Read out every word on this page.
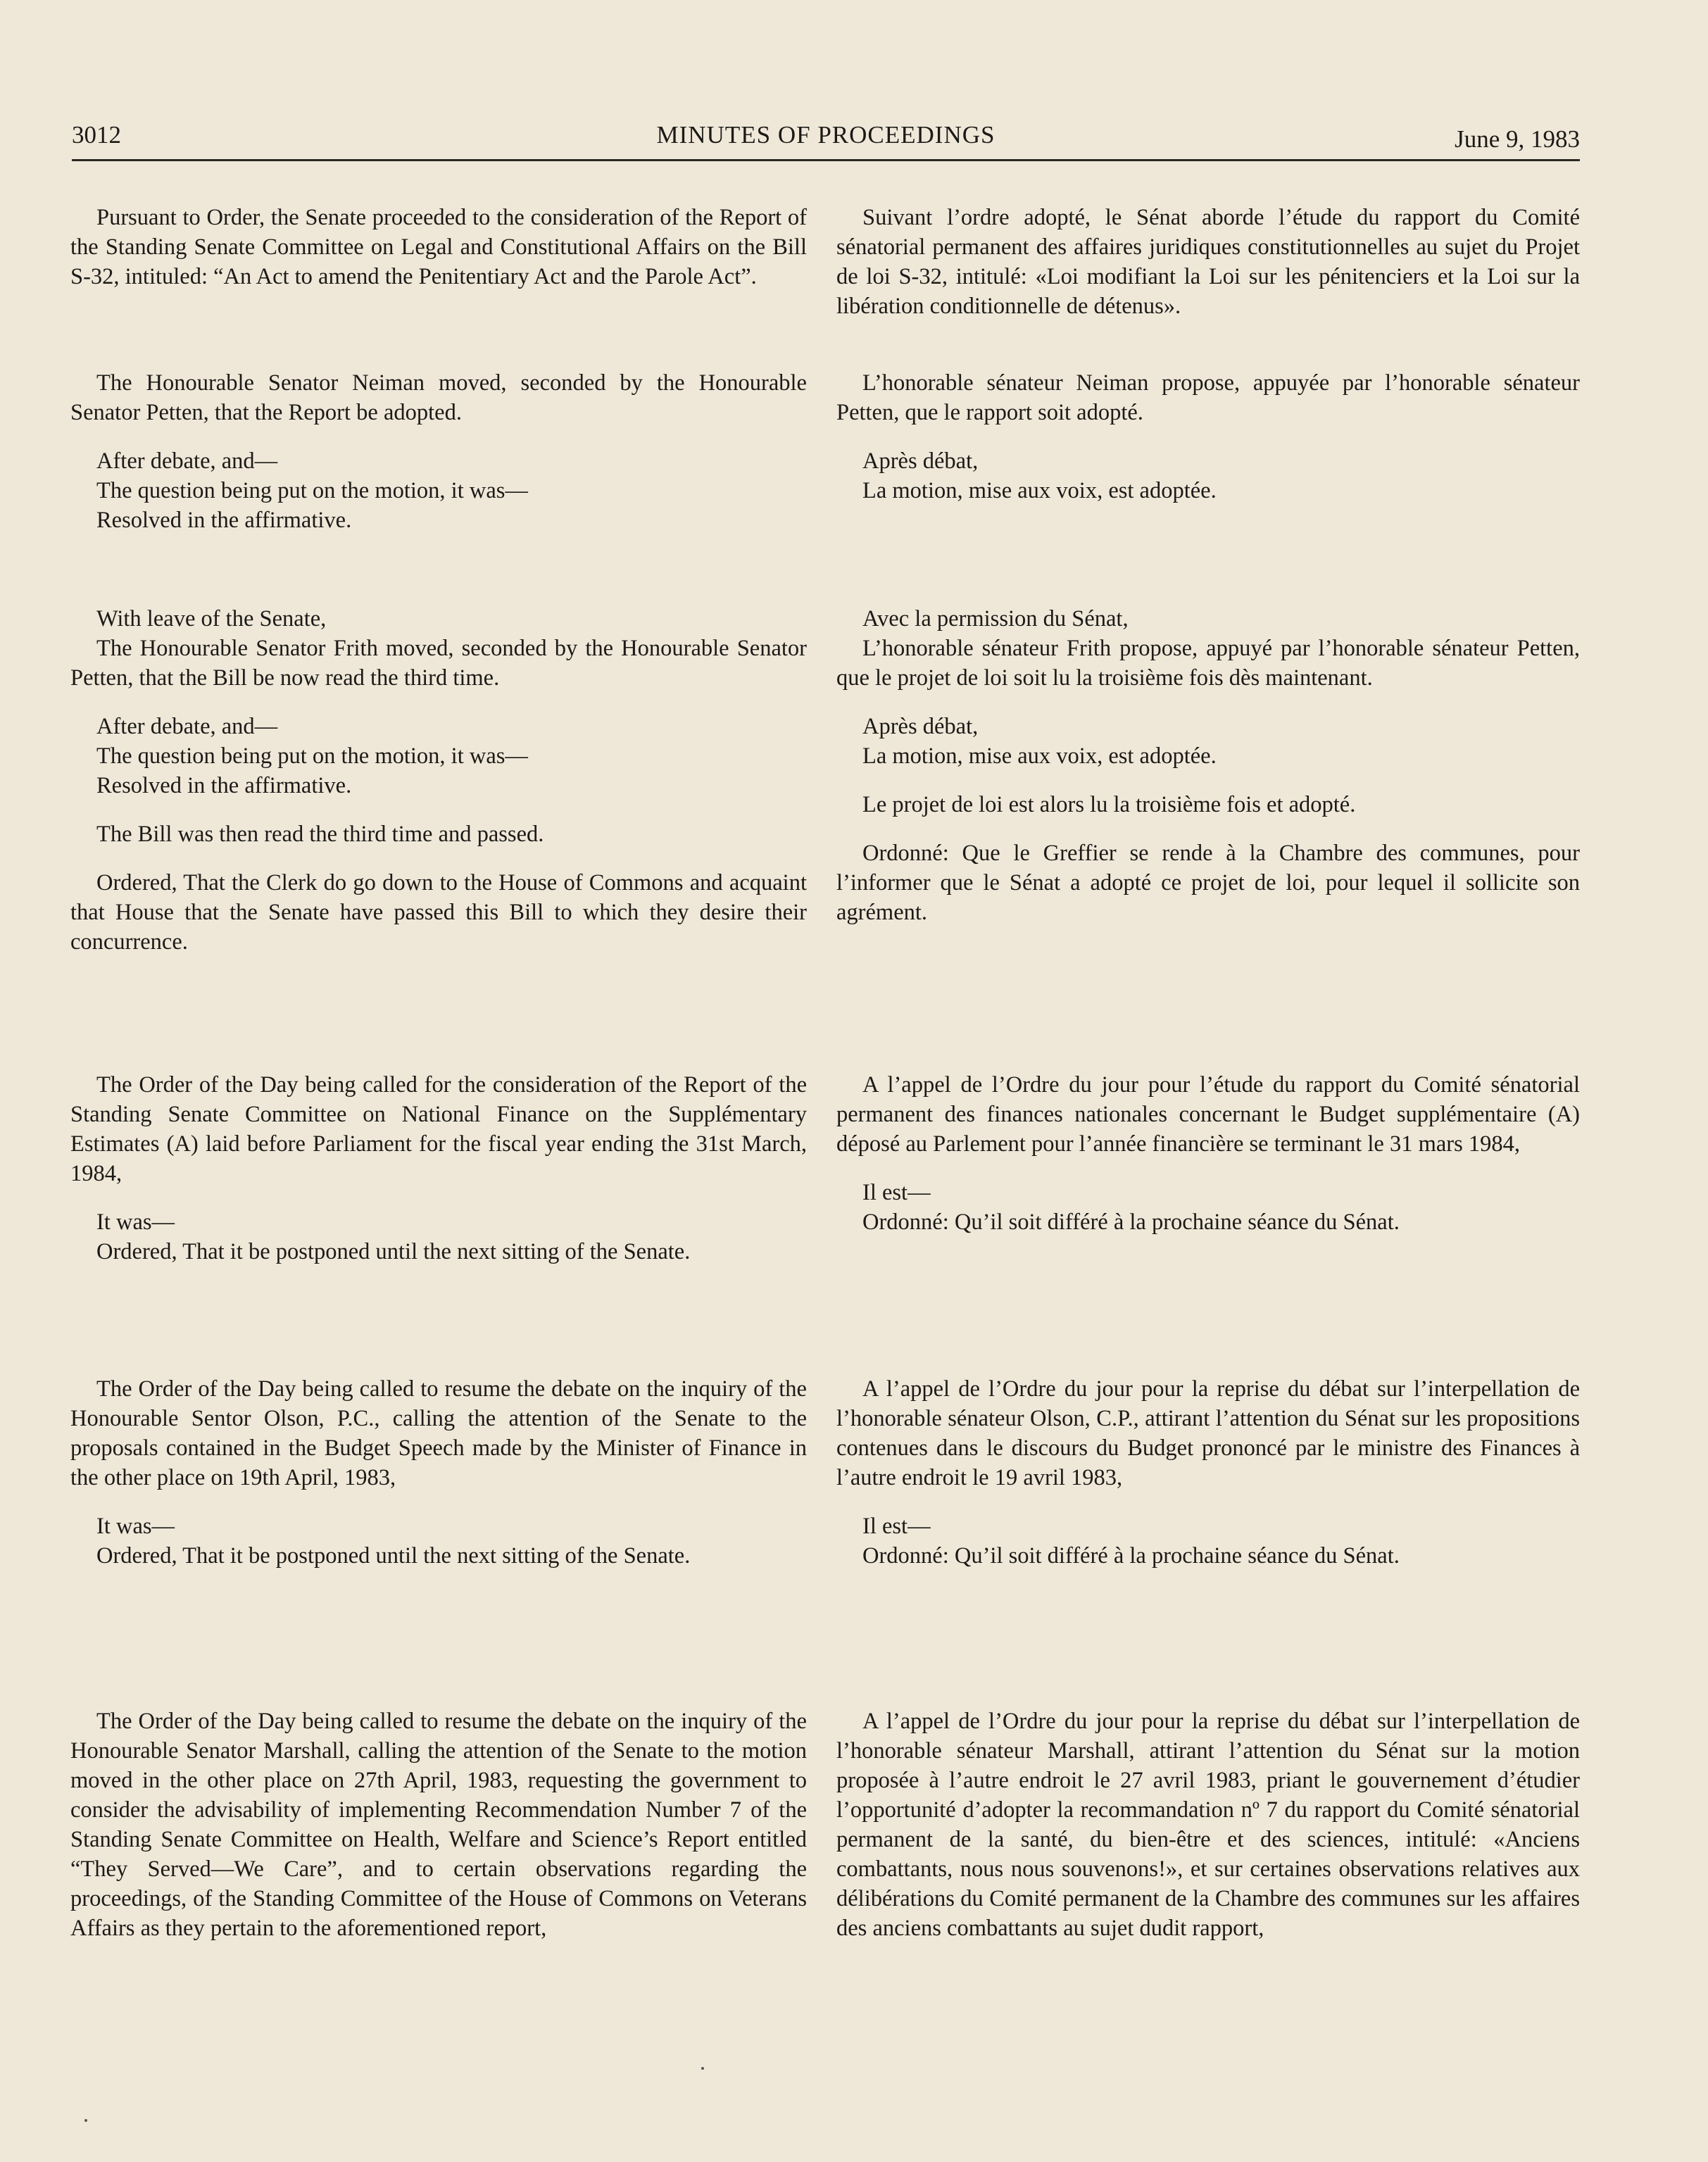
3012	MINUTES OF PROCEEDINGS	June 9, 1983

Pursuant to Order, the Senate proceeded to the consideration of the Report of the Standing Senate Committee on Legal and Constitutional Affairs on the Bill S-32, intituled: “An Act to amend the Penitentiary Act and the Parole Act”.

The Honourable Senator Neiman moved, seconded by the Honourable Senator Petten, that the Report be adopted.

After debate, and—

The question being put on the motion, it was—

Resolved in the affirmative.

With leave of the Senate,

The Honourable Senator Frith moved, seconded by the Honourable Senator Petten, that the Bill be now read the third time.

After debate, and—

The question being put on the motion, it was—

Resolved in the affirmative.

The Bill was then read the third time and passed.

Ordered, That the Clerk do go down to the House of Commons and acquaint that House that the Senate have passed this Bill to which they desire their concurrence.

The Order of the Day being called for the consideration of the Report of the Standing Senate Committee on National Finance on the Supplémentary Estimates (A) laid before Parliament for the fiscal year ending the 31st March, 1984,

It was—

Ordered, That it be postponed until the next sitting of the Senate.

The Order of the Day being called to resume the debate on the inquiry of the Honourable Sentor Olson, P.C., calling the attention of the Senate to the proposals contained in the Budget Speech made by the Minister of Finance in the other place on 19th April, 1983,

It was—

Ordered, That it be postponed until the next sitting of the Senate.

The Order of the Day being called to resume the debate on the inquiry of the Honourable Senator Marshall, calling the attention of the Senate to the motion moved in the other place on 27th April, 1983, requesting the government to consider the advisability of implementing Recommendation Number 7 of the Standing Senate Committee on Health, Welfare and Science’s Report entitled “They Served—We Care”, and to certain observations regarding the proceedings, of the Standing Committee of the House of Commons on Veterans Affairs as they pertain to the aforementioned report,

Suivant l’ordre adopté, le Sénat aborde l’étude du rapport du Comité sénatorial permanent des affaires juridiques constitutionnelles au sujet du Projet de loi S-32, intitulé: «Loi modifiant la Loi sur les pénitenciers et la Loi sur la libération conditionnelle de détenus».

L’honorable sénateur Neiman propose, appuyée par l’honorable sénateur Petten, que le rapport soit adopté.

Après débat,

La motion, mise aux voix, est adoptée.

Avec la permission du Sénat,

L’honorable sénateur Frith propose, appuyé par l’honorable sénateur Petten, que le projet de loi soit lu la troisième fois dès maintenant.

Après débat,

La motion, mise aux voix, est adoptée.

Le projet de loi est alors lu la troisième fois et adopté.

Ordonné: Que le Greffier se rende à la Chambre des communes, pour l’informer que le Sénat a adopté ce projet de loi, pour lequel il sollicite son agrément.

A l’appel de l’Ordre du jour pour l’étude du rapport du Comité sénatorial permanent des finances nationales concernant le Budget supplémentaire (A) déposé au Parlement pour l’année financière se terminant le 31 mars 1984,

Il est—

Ordonné: Qu’il soit différé à la prochaine séance du Sénat.

A l’appel de l’Ordre du jour pour la reprise du débat sur l’interpellation de l’honorable sénateur Olson, C.P., attirant l’attention du Sénat sur les propositions contenues dans le discours du Budget prononcé par le ministre des Finances à l’autre endroit le 19 avril 1983,

Il est—

Ordonné: Qu’il soit différé à la prochaine séance du Sénat.

A l’appel de l’Ordre du jour pour la reprise du débat sur l’interpellation de l’honorable sénateur Marshall, attirant l’attention du Sénat sur la motion proposée à l’autre endroit le 27 avril 1983, priant le gouvernement d’étudier l’opportunité d’adopter la recommandation nº 7 du rapport du Comité sénatorial permanent de la santé, du bien-être et des sciences, intitulé: «Anciens combattants, nous nous souvenons!», et sur certaines observations relatives aux délibérations du Comité permanent de la Chambre des communes sur les affaires des anciens combattants au sujet dudit rapport,
